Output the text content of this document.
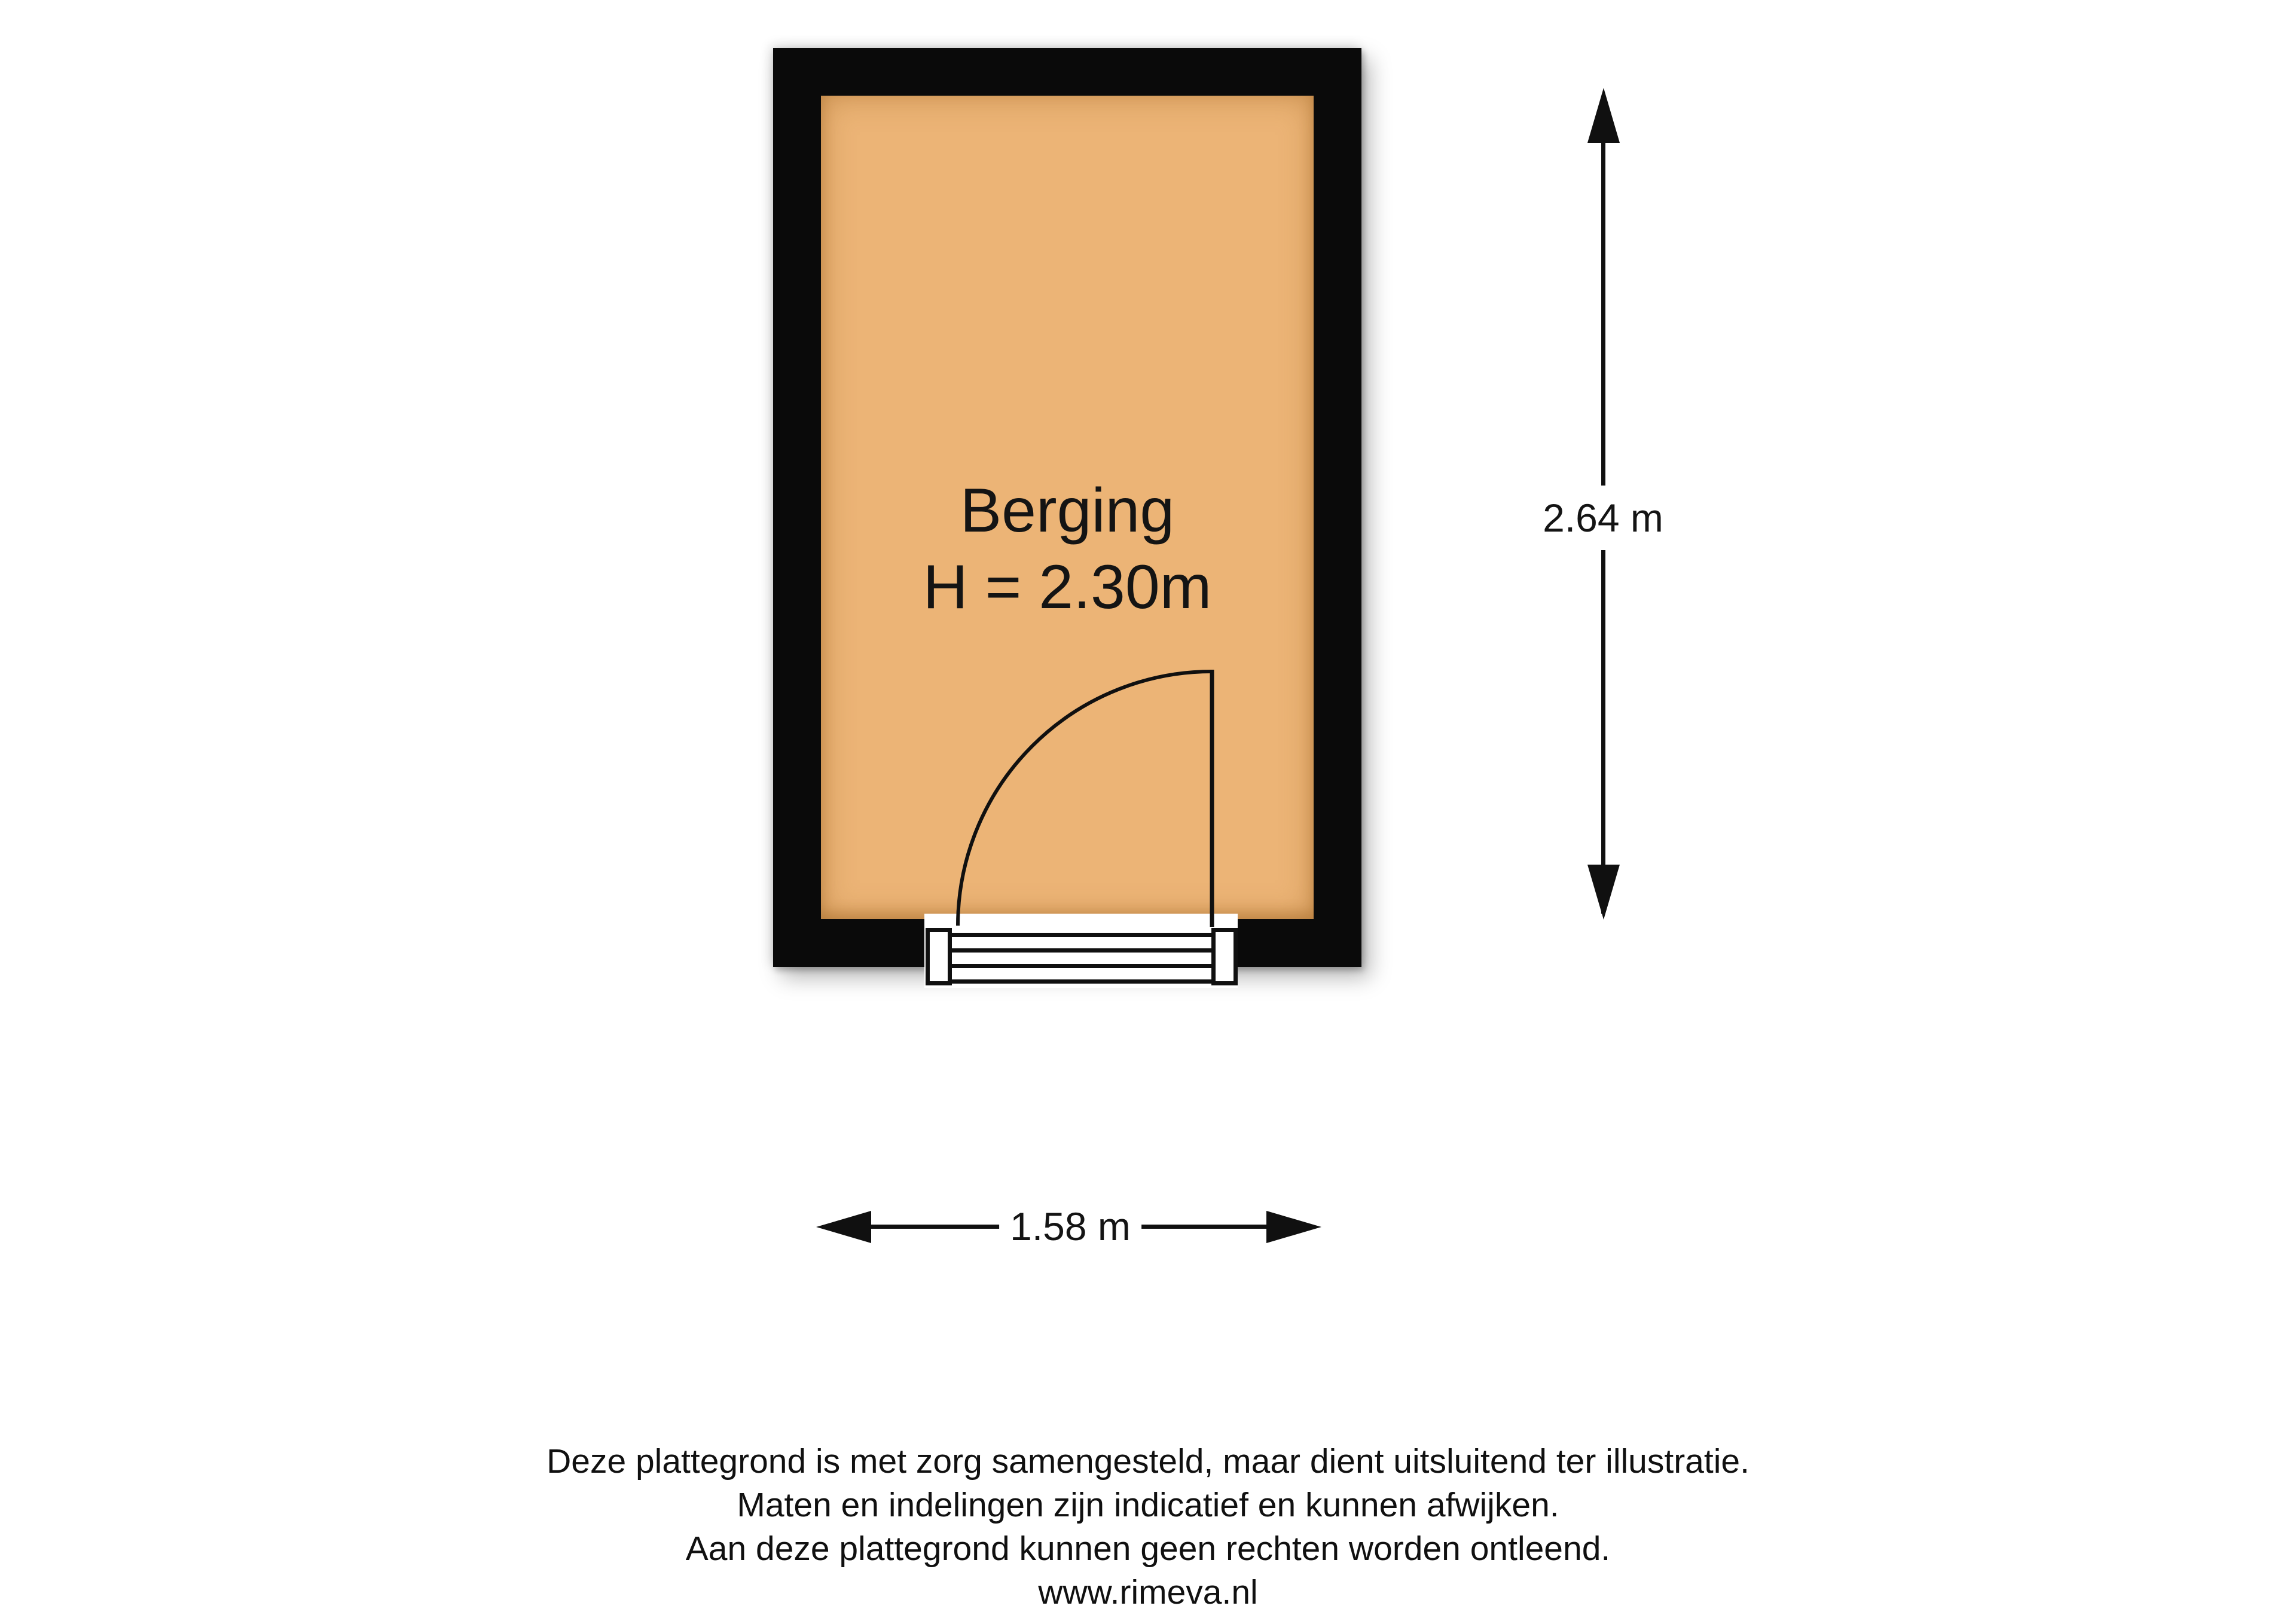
Berging
H = 2.30m
2.64 m
1.58 m
Deze plattegrond is met zorg samengesteld, maar dient uitsluitend ter illustratie.
Maten en indelingen zijn indicatief en kunnen afwijken.
Aan deze plattegrond kunnen geen rechten worden ontleend.
www.rimeva.nl
